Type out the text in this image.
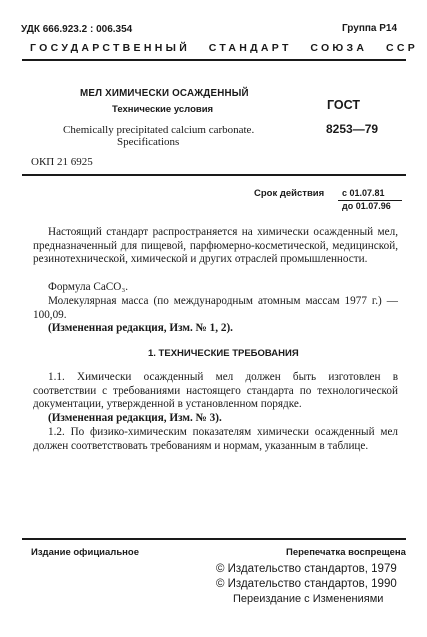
УДК 666.923.2 : 006.354	Группа Р14
ГОСУДАРСТВЕННЫЙ   СТАНДАРТ   СОЮЗА   ССР
МЕЛ ХИМИЧЕСКИ ОСАЖДЕННЫЙ
Технические условия
Chemically precipitated calcium carbonate.
Specifications
ГОСТ
8253—79
ОКП 21 6925
Срок действия с 01.07.81
до 01.07.96
Настоящий стандарт распространяется на химически осажденный мел, предназначенный для пищевой, парфюмерно-косметической, медицинской, резинотехнической, химической и других отраслей промышленности.
Формула CaCO₃.
Молекулярная масса (по международным атомным массам 1977 г.) — 100,09.
(Измененная редакция, Изм. № 1, 2).
1. ТЕХНИЧЕСКИЕ ТРЕБОВАНИЯ
1.1. Химически осажденный мел должен быть изготовлен в соответствии с требованиями настоящего стандарта по технологической документации, утвержденной в установленном порядке.
(Измененная редакция, Изм. № 3).
1.2. По физико-химическим показателям химически осажденный мел должен соответствовать требованиям и нормам, указанным в таблице.
Издание официальное	Перепечатка воспрещена
© Издательство стандартов, 1979
© Издательство стандартов, 1990
Переиздание с Изменениями
